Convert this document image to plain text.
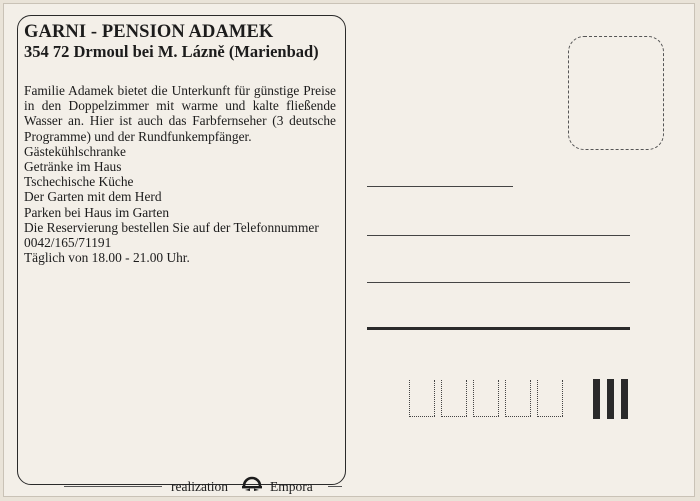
GARNI - PENSION ADAMEK
354 72 Drmoul bei M. Lázně (Marienbad)
Familie Adamek bietet die Unterkunft für günstige Preise in den Doppelzimmer mit warme und kalte fließende Wasser an. Hier ist auch das Farbfernseher (3 deutsche Programme) und der Rundfunkempfänger.
Gästekühlschranke
Getränke im Haus
Tschechische Küche
Der Garten mit dem Herd
Parken bei Haus im Garten
Die Reservierung bestellen Sie auf der Telefonnummer
0042/165/71191
Täglich von 18.00 - 21.00 Uhr.
realization	Empora
